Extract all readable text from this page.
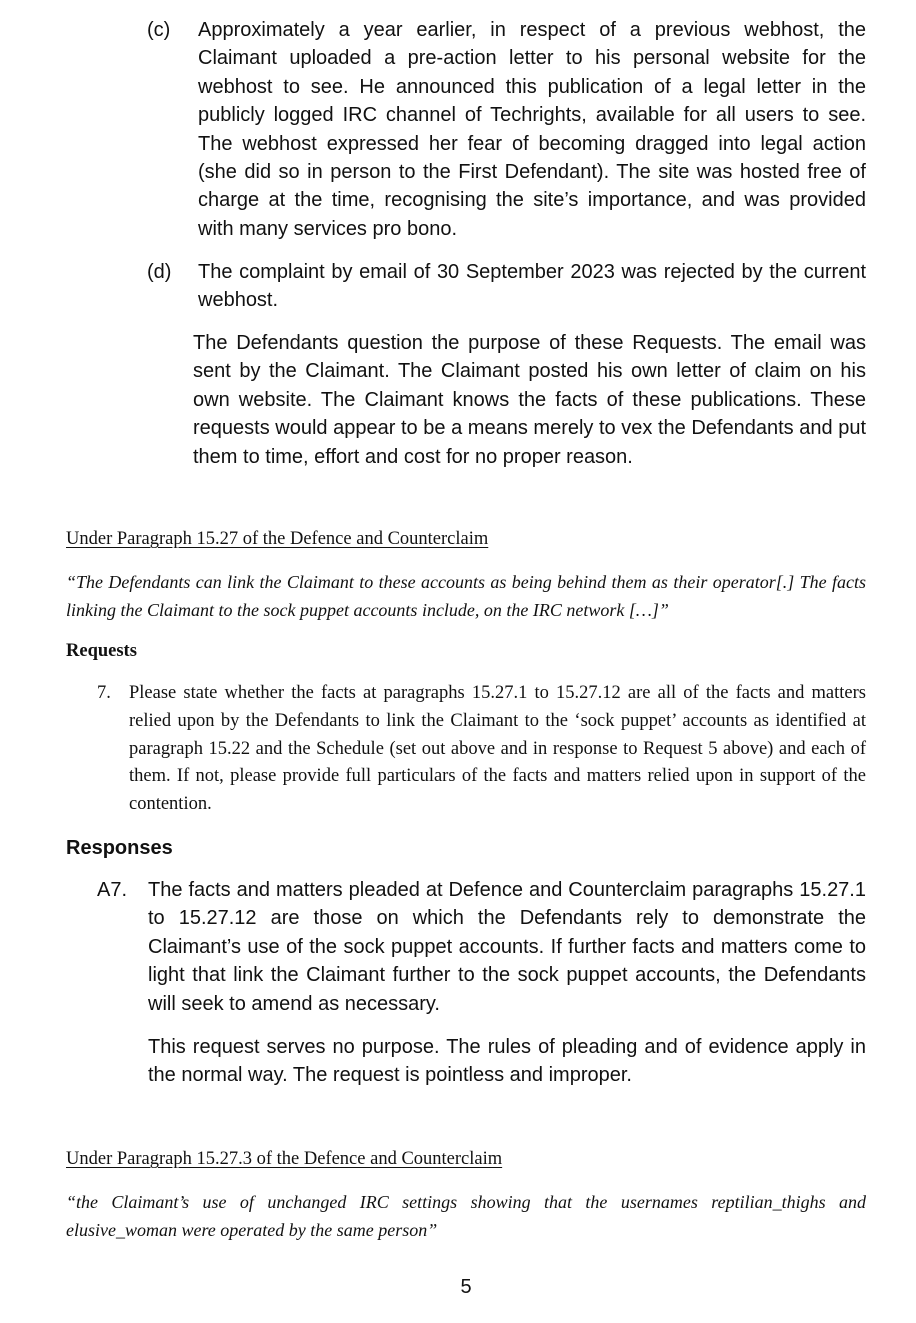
(c) Approximately a year earlier, in respect of a previous webhost, the Claimant uploaded a pre-action letter to his personal website for the webhost to see. He announced this publication of a legal letter in the publicly logged IRC channel of Techrights, available for all users to see. The webhost expressed her fear of becoming dragged into legal action (she did so in person to the First Defendant). The site was hosted free of charge at the time, recognising the site’s importance, and was provided with many services pro bono.
(d) The complaint by email of 30 September 2023 was rejected by the current webhost.
The Defendants question the purpose of these Requests. The email was sent by the Claimant. The Claimant posted his own letter of claim on his own website. The Claimant knows the facts of these publications. These requests would appear to be a means merely to vex the Defendants and put them to time, effort and cost for no proper reason.
Under Paragraph 15.27 of the Defence and Counterclaim
“The Defendants can link the Claimant to these accounts as being behind them as their operator[.] The facts linking the Claimant to the sock puppet accounts include, on the IRC network […]”
Requests
7. Please state whether the facts at paragraphs 15.27.1 to 15.27.12 are all of the facts and matters relied upon by the Defendants to link the Claimant to the ‘sock puppet’ accounts as identified at paragraph 15.22 and the Schedule (set out above and in response to Request 5 above) and each of them. If not, please provide full particulars of the facts and matters relied upon in support of the contention.
Responses
A7. The facts and matters pleaded at Defence and Counterclaim paragraphs 15.27.1 to 15.27.12 are those on which the Defendants rely to demonstrate the Claimant’s use of the sock puppet accounts. If further facts and matters come to light that link the Claimant further to the sock puppet accounts, the Defendants will seek to amend as necessary.
This request serves no purpose. The rules of pleading and of evidence apply in the normal way. The request is pointless and improper.
Under Paragraph 15.27.3 of the Defence and Counterclaim
“the Claimant’s use of unchanged IRC settings showing that the usernames reptilian_thighs and elusive_woman were operated by the same person”
5
